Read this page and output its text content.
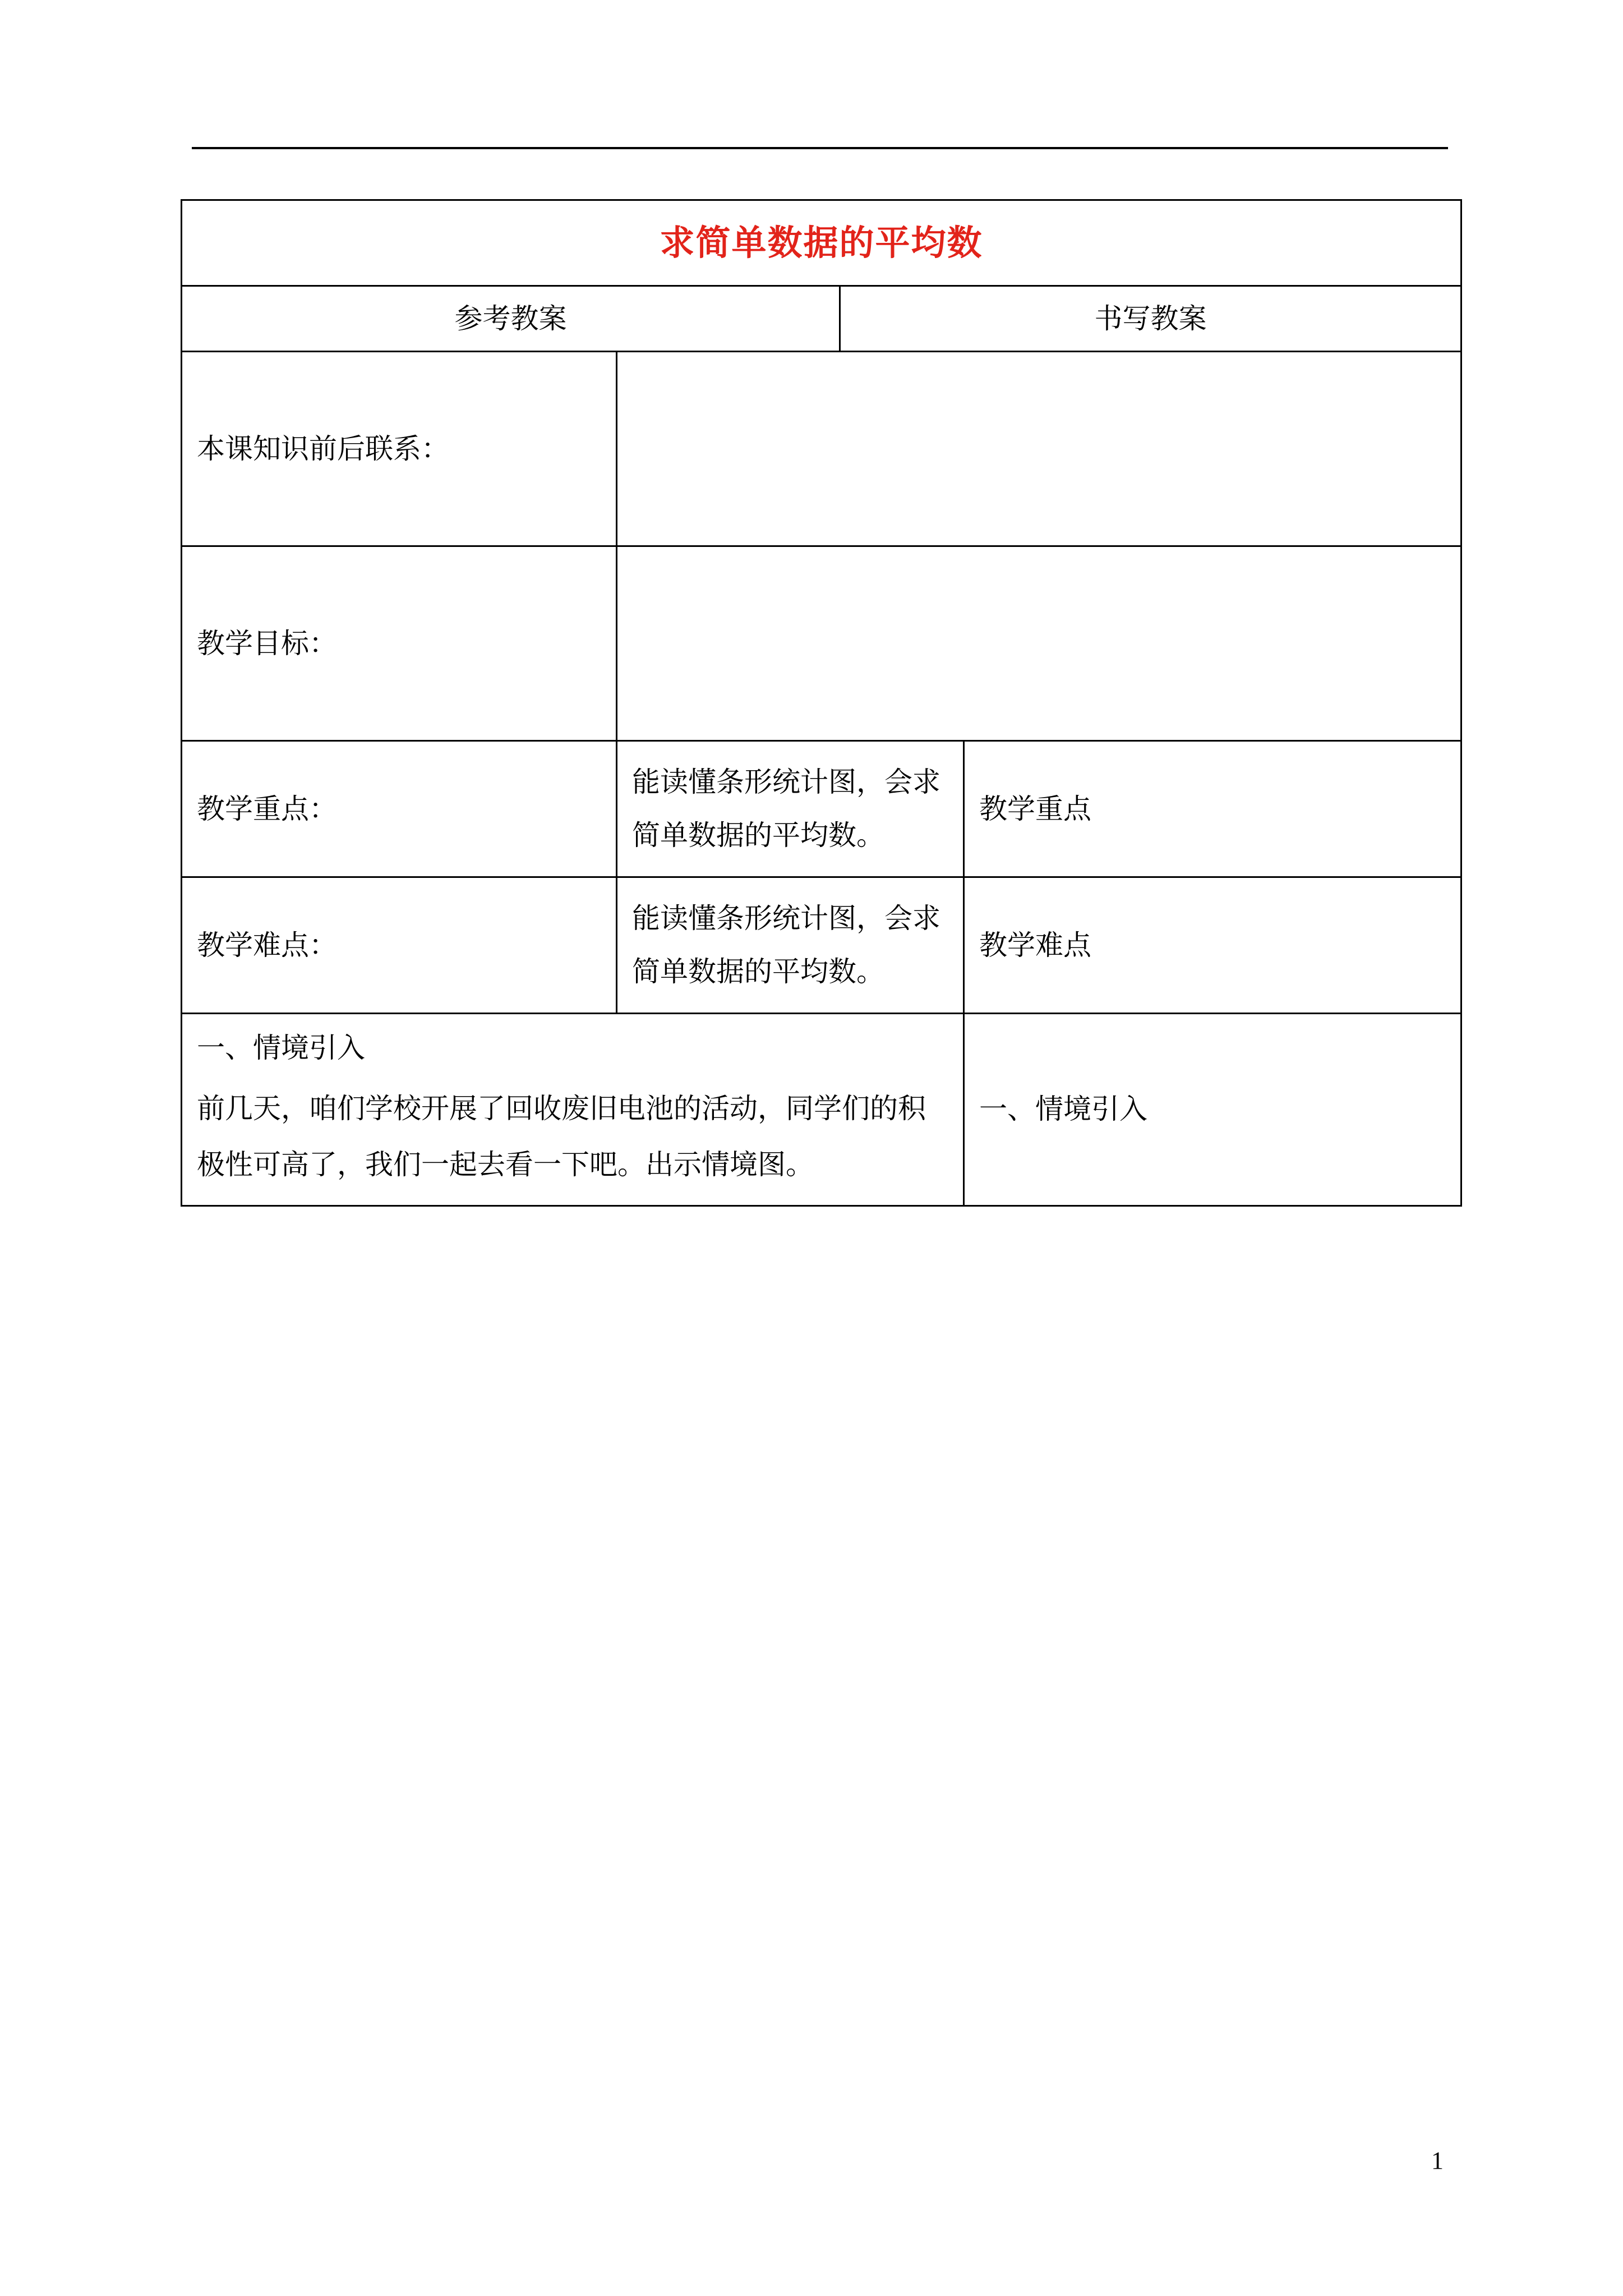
求简单数据的平均数			
参考教案		书写教案	
本课知识前后联系：			
教学目标：			
教学重点：	能读懂条形统计图，会求简单数据的平均数。		教学重点
教学难点：	能读懂条形统计图，会求简单数据的平均数。		教学难点

一、情境引入
前几天，咱们学校开展了回收废旧电池的活动，同学们的积极性可高了，我们一起去看一下吧。出示情境图。			一、情境引入
1
